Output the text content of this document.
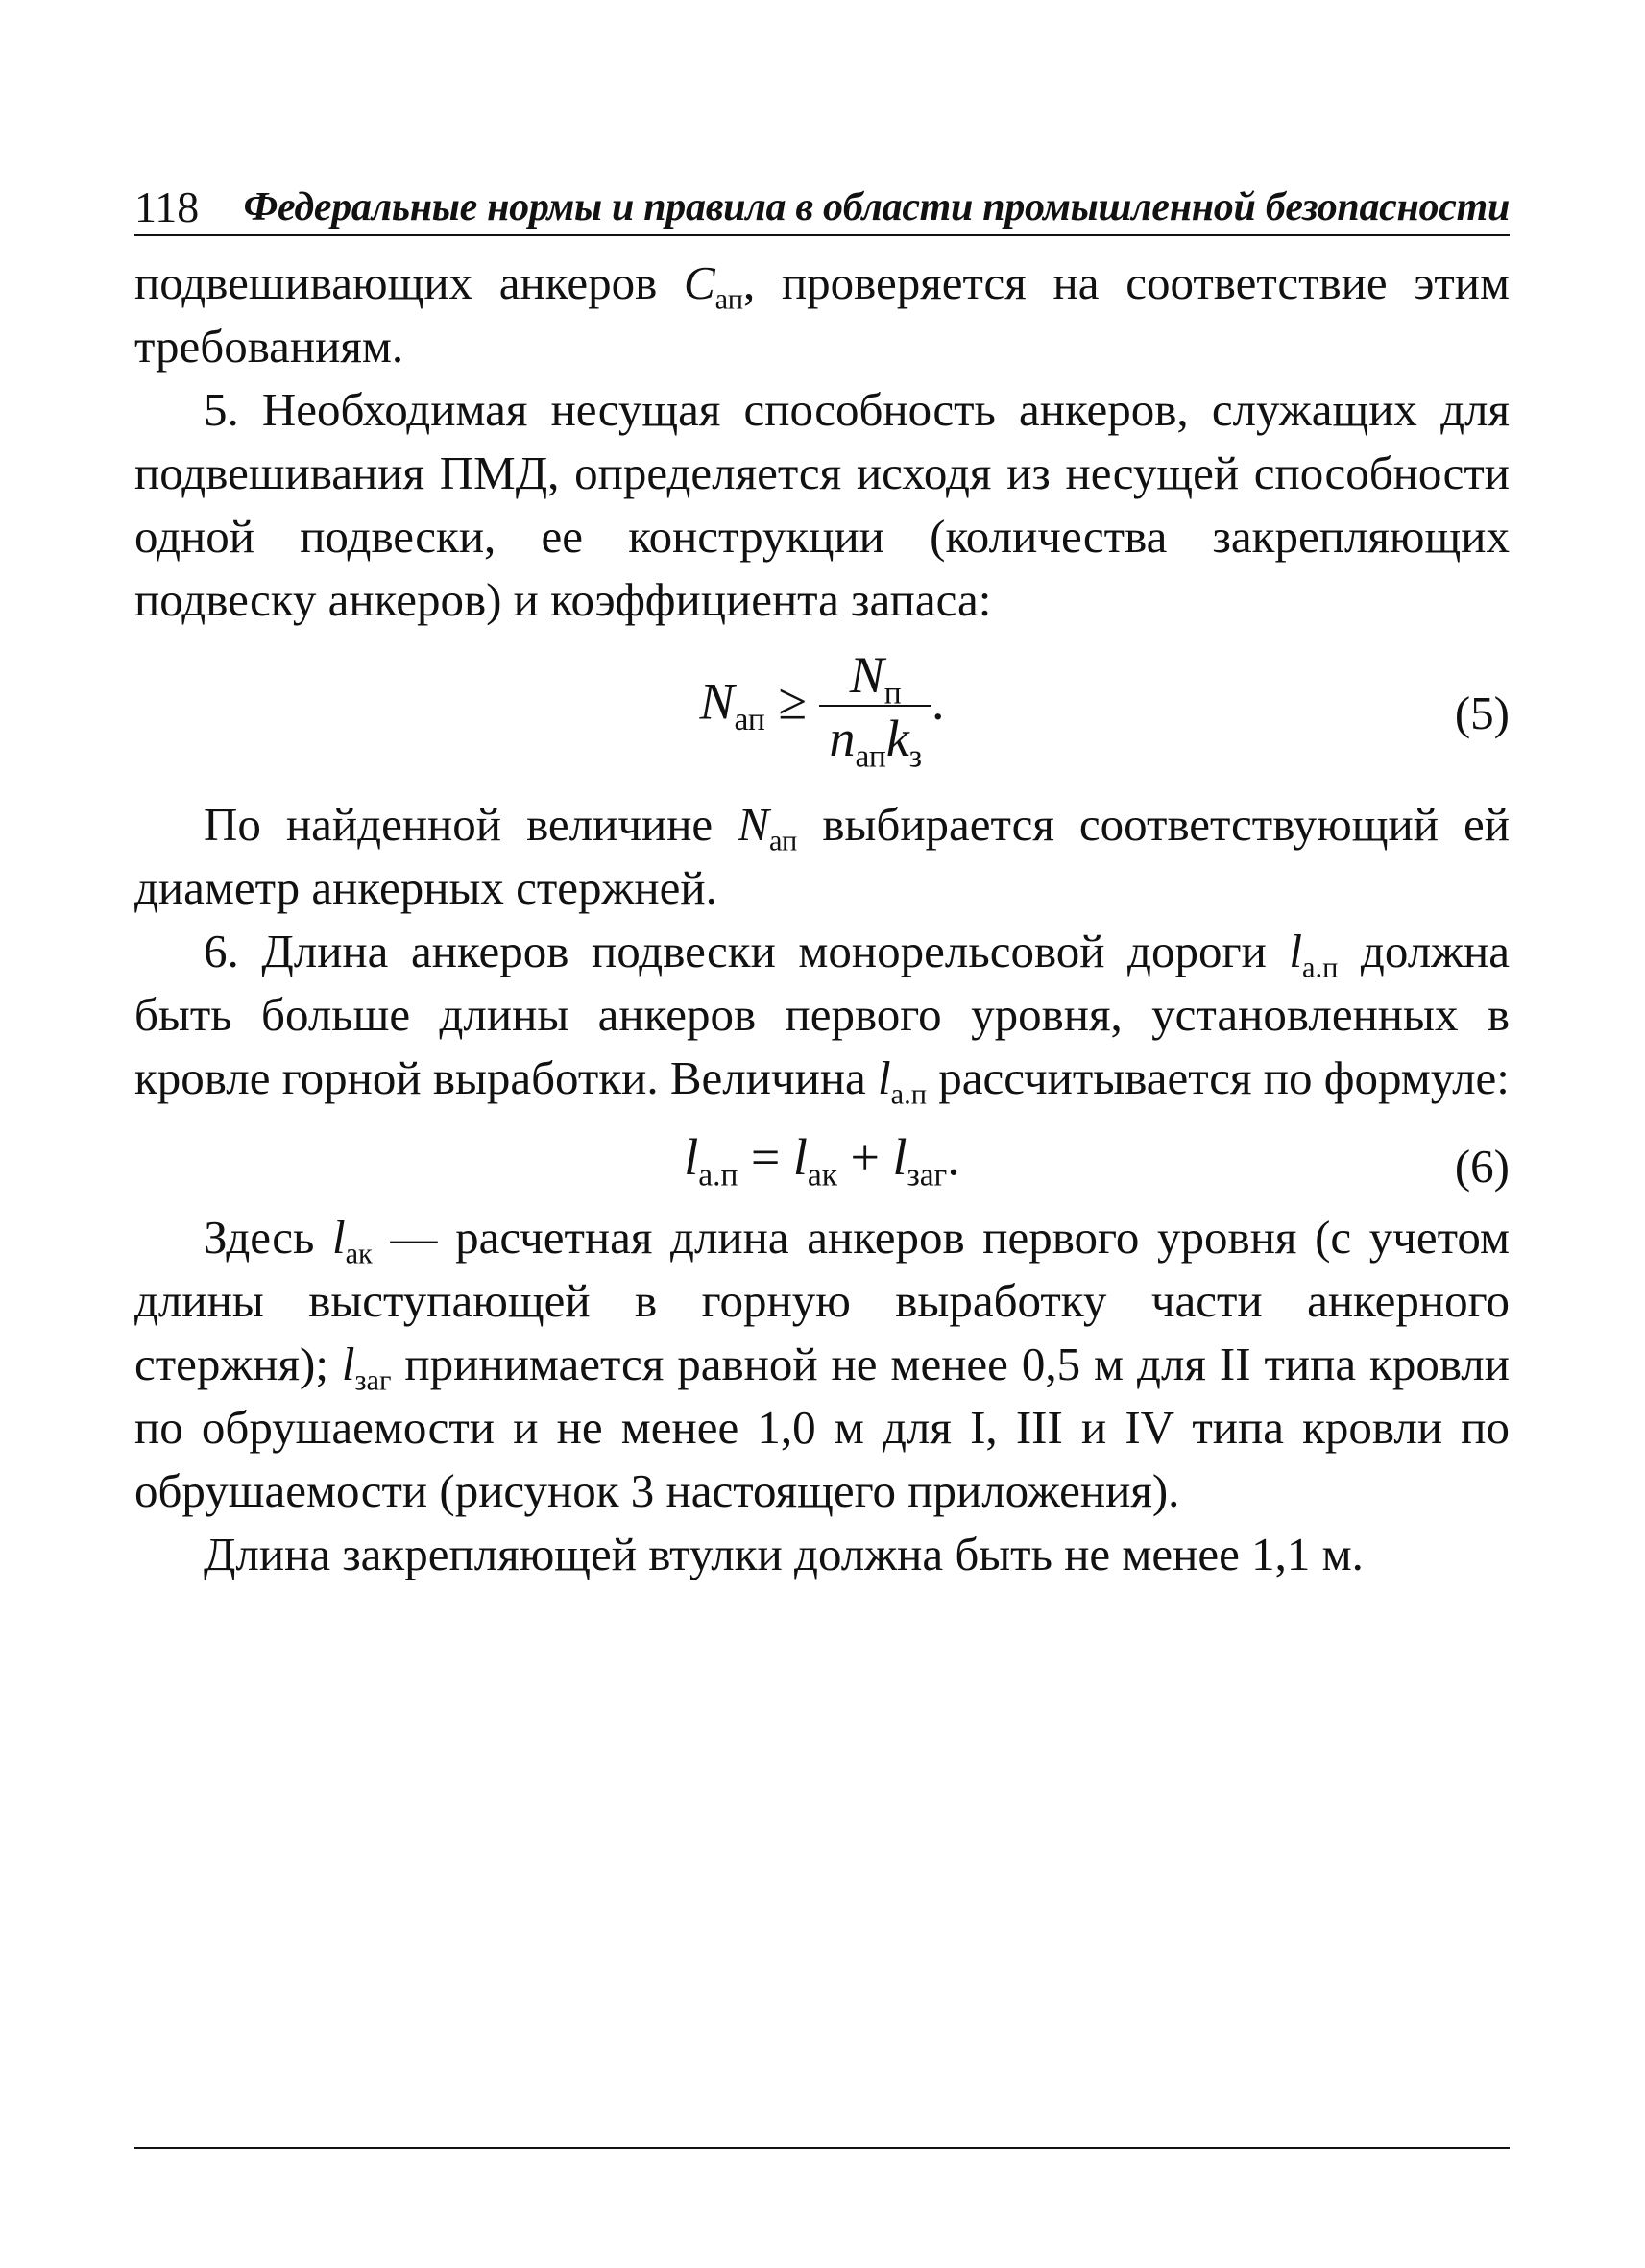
118 Федеральные нормы и правила в области промышленной безопасности

подвешивающих анкеров $C_{ап}$, проверяется на соответствие этим требованиям.

5. Необходимая несущая способность анкеров, служащих для подвешивания ПМД, определяется исходя из несущей способности одной подвески, ее конструкции (количества закрепляющих подвеску анкеров) и коэффициента запаса:

$N_{ап} \ge \frac{N_п}{n_{ап}k_з}$ .	(5)

По найденной величине $N_{ап}$ выбирается соответствующий ей диаметр анкерных стержней.

6. Длина анкеров подвески монорельсовой дороги $l_{а.п}$ должна быть больше длины анкеров первого уровня, установленных в кровле горной выработки. Величина $l_{а.п}$ рассчитывается по формуле:

$l_{а.п} = l_{ак} + l_{заг}$.	(6)

Здесь $l_{ак}$ — расчетная длина анкеров первого уровня (с учетом длины выступающей в горную выработку части анкерного стержня); $l_{заг}$ принимается равной не менее 0,5 м для II типа кровли по обрушаемости и не менее 1,0 м для I, III и IV типа кровли по обрушаемости (рисунок 3 настоящего приложения).

Длина закрепляющей втулки должна быть не менее 1,1 м.
